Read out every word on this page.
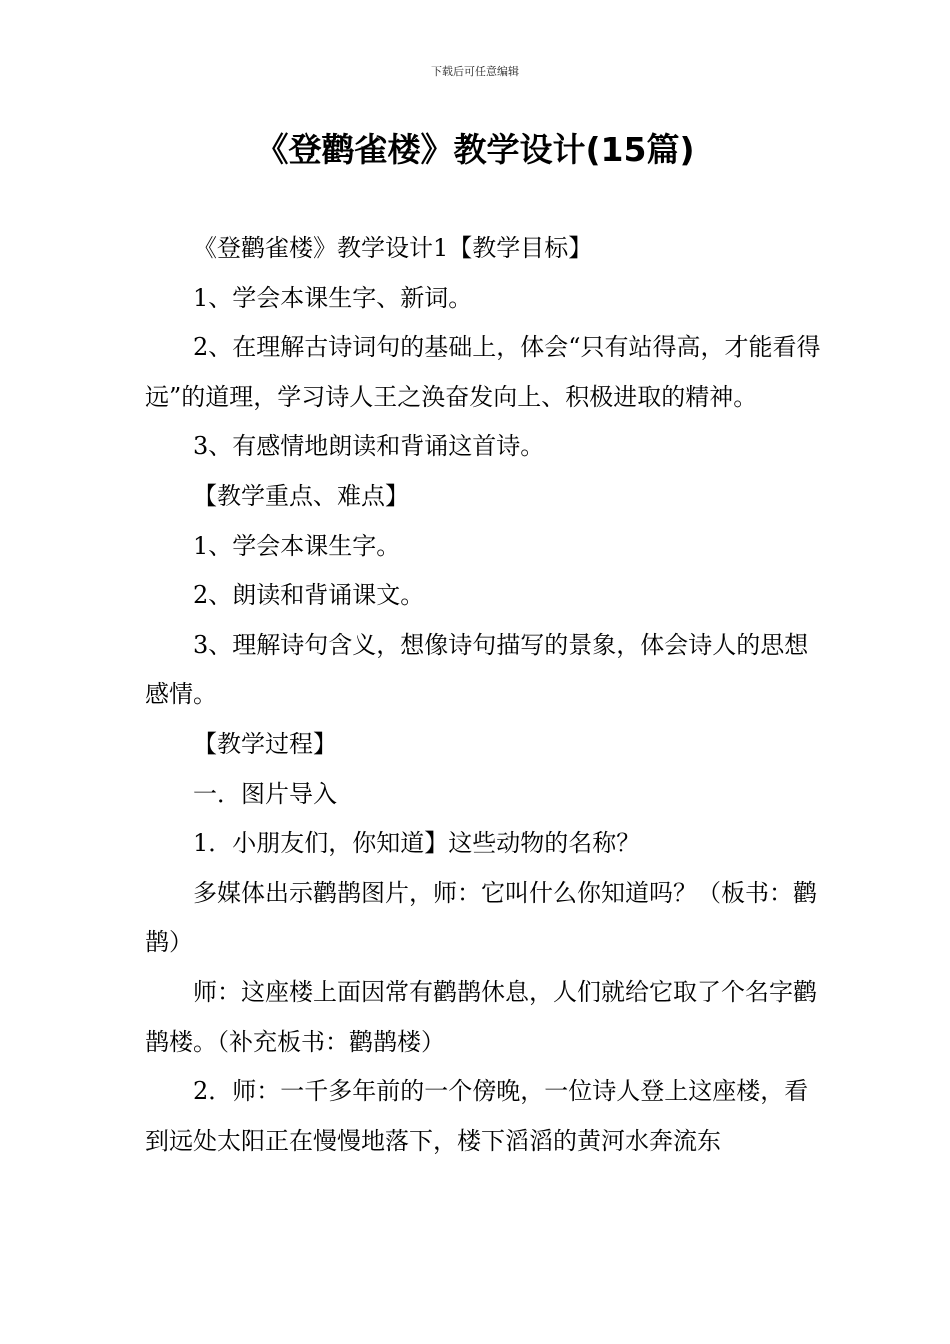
下载后可任意编辑
《登鹳雀楼》教学设计(15篇)

《登鹳雀楼》教学设计1【教学目标】

1、学会本课生字、新词。

2、在理解古诗词句的基础上，体会“只有站得高，才能看得远”的道理，学习诗人王之涣奋发向上、积极进取的精神。

3、有感情地朗读和背诵这首诗。

【教学重点、难点】

1、学会本课生字。

2、朗读和背诵课文。

3、理解诗句含义，想像诗句描写的景象，体会诗人的思想感情。

【教学过程】

一．图片导入

1．小朋友们，你知道】这些动物的名称？

多媒体出示鹳鹊图片，师：它叫什么你知道吗？（板书：鹳鹊）

师：这座楼上面因常有鹳鹊休息，人们就给它取了个名字鹳鹊楼。（补充板书：鹳鹊楼）

2．师：一千多年前的一个傍晚，一位诗人登上这座楼，看到远处太阳正在慢慢地落下，楼下滔滔的黄河水奔流东
